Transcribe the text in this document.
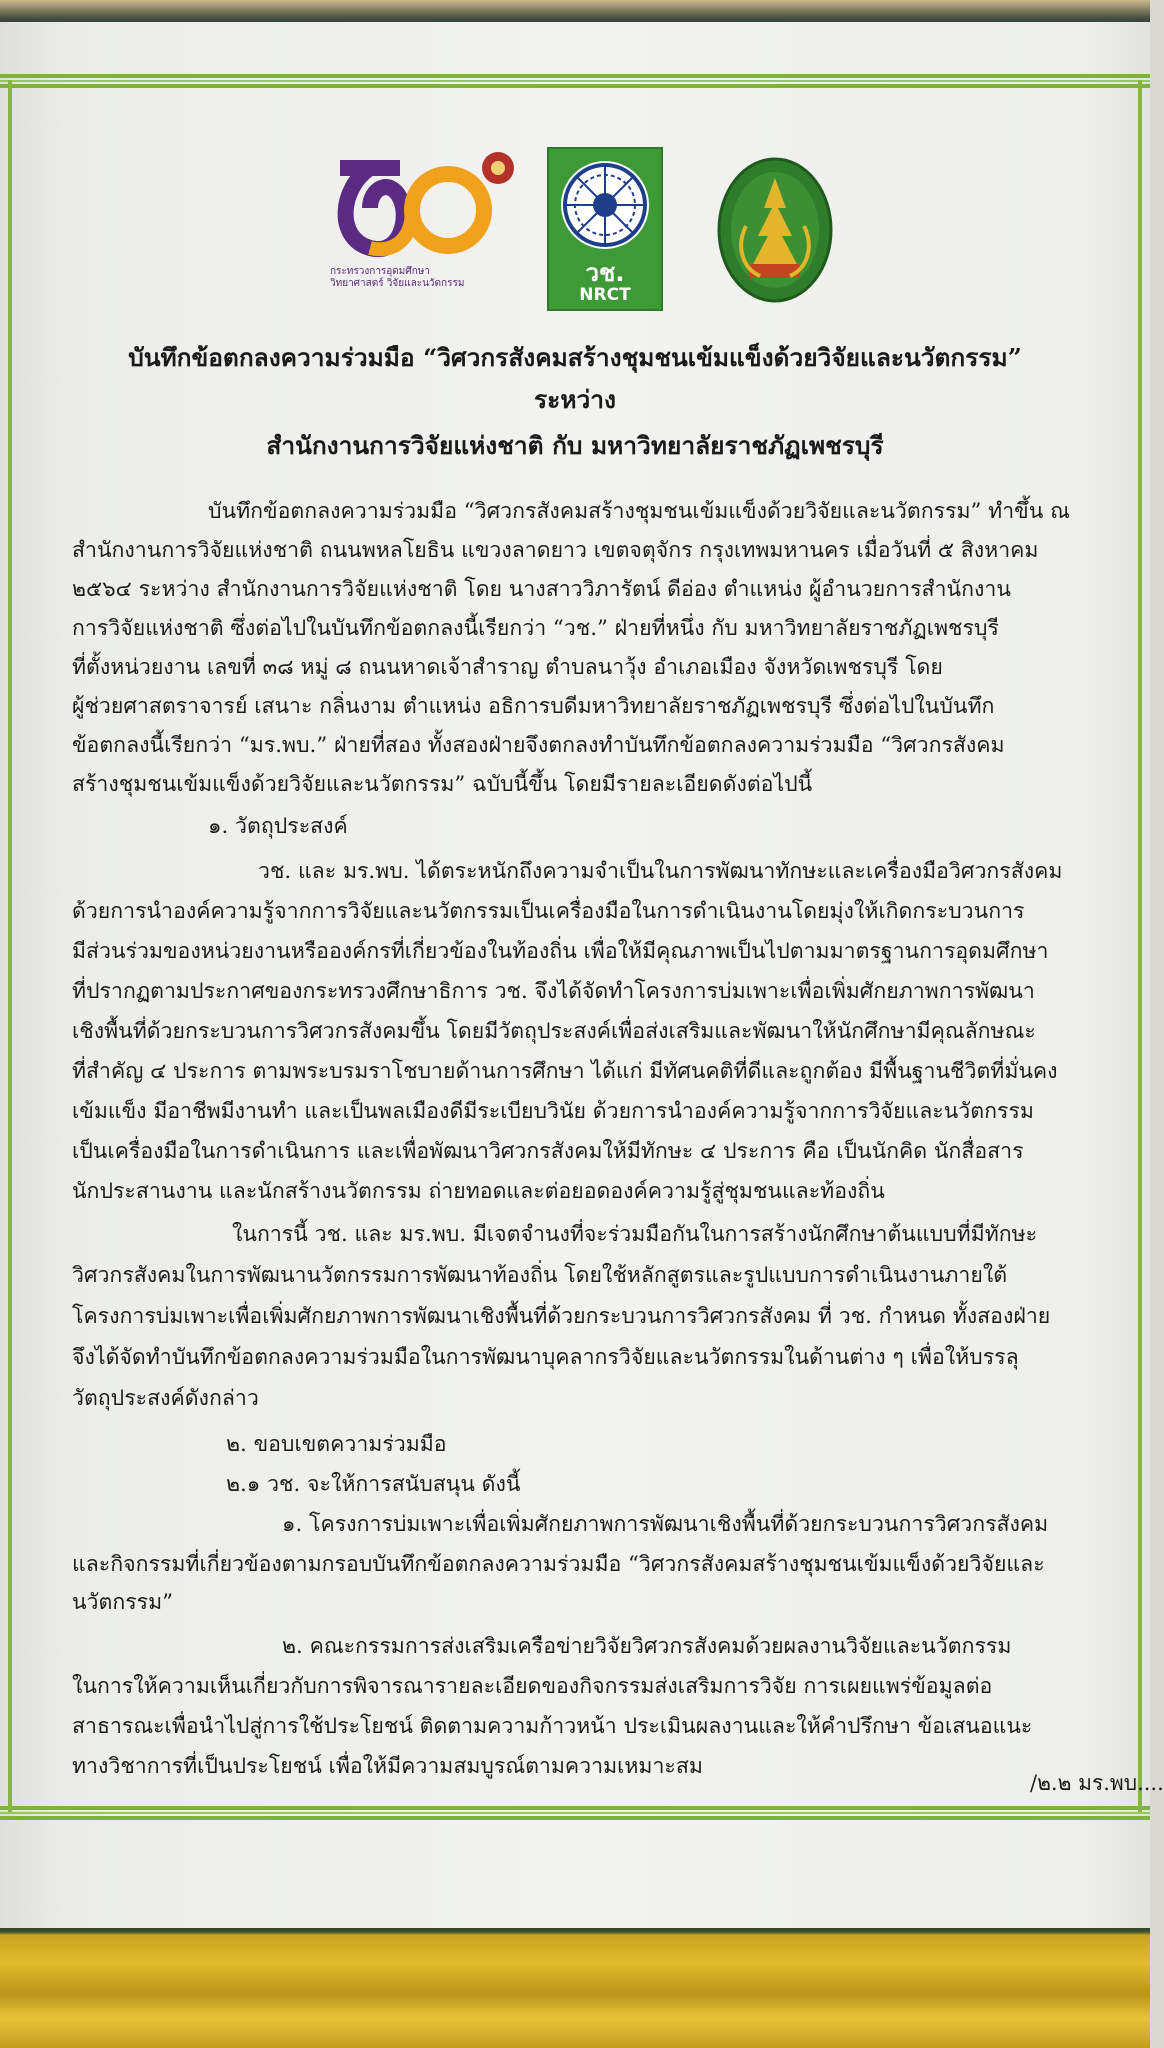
กระทรวงการอุดมศึกษา
วิทยาศาสตร์ วิจัยและนวัตกรรม	วช.
NRCT
บันทึกข้อตกลงความร่วมมือ “วิศวกรสังคมสร้างชุมชนเข้มแข็งด้วยวิจัยและนวัตกรรม”
ระหว่าง
สำนักงานการวิจัยแห่งชาติ กับ มหาวิทยาลัยราชภัฏเพชรบุรี
บันทึกข้อตกลงความร่วมมือ “วิศวกรสังคมสร้างชุมชนเข้มแข็งด้วยวิจัยและนวัตกรรม” ทำขึ้น ณ
สำนักงานการวิจัยแห่งชาติ ถนนพหลโยธิน แขวงลาดยาว เขตจตุจักร กรุงเทพมหานคร เมื่อวันที่ ๕ สิงหาคม
๒๕๖๔ ระหว่าง สำนักงานการวิจัยแห่งชาติ โดย นางสาววิภารัตน์ ดีอ่อง ตำแหน่ง ผู้อำนวยการสำนักงาน
การวิจัยแห่งชาติ ซึ่งต่อไปในบันทึกข้อตกลงนี้เรียกว่า “วช.” ฝ่ายที่หนึ่ง กับ มหาวิทยาลัยราชภัฏเพชรบุรี
ที่ตั้งหน่วยงาน เลขที่ ๓๘ หมู่ ๘ ถนนหาดเจ้าสำราญ ตำบลนาวุ้ง อำเภอเมือง จังหวัดเพชรบุรี โดย
ผู้ช่วยศาสตราจารย์ เสนาะ กลิ่นงาม ตำแหน่ง อธิการบดีมหาวิทยาลัยราชภัฏเพชรบุรี ซึ่งต่อไปในบันทึก
ข้อตกลงนี้เรียกว่า “มร.พบ.” ฝ่ายที่สอง ทั้งสองฝ่ายจึงตกลงทำบันทึกข้อตกลงความร่วมมือ “วิศวกรสังคม
สร้างชุมชนเข้มแข็งด้วยวิจัยและนวัตกรรม” ฉบับนี้ขึ้น โดยมีรายละเอียดดังต่อไปนี้
๑. วัตถุประสงค์
วช. และ มร.พบ. ได้ตระหนักถึงความจำเป็นในการพัฒนาทักษะและเครื่องมือวิศวกรสังคม
ด้วยการนำองค์ความรู้จากการวิจัยและนวัตกรรมเป็นเครื่องมือในการดำเนินงานโดยมุ่งให้เกิดกระบวนการ
มีส่วนร่วมของหน่วยงานหรือองค์กรที่เกี่ยวข้องในท้องถิ่น เพื่อให้มีคุณภาพเป็นไปตามมาตรฐานการอุดมศึกษา
ที่ปรากฏตามประกาศของกระทรวงศึกษาธิการ วช. จึงได้จัดทำโครงการบ่มเพาะเพื่อเพิ่มศักยภาพการพัฒนา
เชิงพื้นที่ด้วยกระบวนการวิศวกรสังคมขึ้น โดยมีวัตถุประสงค์เพื่อส่งเสริมและพัฒนาให้นักศึกษามีคุณลักษณะ
ที่สำคัญ ๔ ประการ ตามพระบรมราโชบายด้านการศึกษา ได้แก่ มีทัศนคติที่ดีและถูกต้อง มีพื้นฐานชีวิตที่มั่นคง
เข้มแข็ง มีอาชีพมีงานทำ และเป็นพลเมืองดีมีระเบียบวินัย ด้วยการนำองค์ความรู้จากการวิจัยและนวัตกรรม
เป็นเครื่องมือในการดำเนินการ และเพื่อพัฒนาวิศวกรสังคมให้มีทักษะ ๔ ประการ คือ เป็นนักคิด นักสื่อสาร
นักประสานงาน และนักสร้างนวัตกรรม ถ่ายทอดและต่อยอดองค์ความรู้สู่ชุมชนและท้องถิ่น
ในการนี้ วช. และ มร.พบ. มีเจตจำนงที่จะร่วมมือกันในการสร้างนักศึกษาต้นแบบที่มีทักษะ
วิศวกรสังคมในการพัฒนานวัตกรรมการพัฒนาท้องถิ่น โดยใช้หลักสูตรและรูปแบบการดำเนินงานภายใต้
โครงการบ่มเพาะเพื่อเพิ่มศักยภาพการพัฒนาเชิงพื้นที่ด้วยกระบวนการวิศวกรสังคม ที่ วช. กำหนด ทั้งสองฝ่าย
จึงได้จัดทำบันทึกข้อตกลงความร่วมมือในการพัฒนาบุคลากรวิจัยและนวัตกรรมในด้านต่าง ๆ เพื่อให้บรรลุ
วัตถุประสงค์ดังกล่าว
๒. ขอบเขตความร่วมมือ
๒.๑ วช. จะให้การสนับสนุน ดังนี้
๑. โครงการบ่มเพาะเพื่อเพิ่มศักยภาพการพัฒนาเชิงพื้นที่ด้วยกระบวนการวิศวกรสังคม
และกิจกรรมที่เกี่ยวข้องตามกรอบบันทึกข้อตกลงความร่วมมือ “วิศวกรสังคมสร้างชุมชนเข้มแข็งด้วยวิจัยและ
นวัตกรรม”
๒. คณะกรรมการส่งเสริมเครือข่ายวิจัยวิศวกรสังคมด้วยผลงานวิจัยและนวัตกรรม
ในการให้ความเห็นเกี่ยวกับการพิจารณารายละเอียดของกิจกรรมส่งเสริมการวิจัย การเผยแพร่ข้อมูลต่อ
สาธารณะเพื่อนำไปสู่การใช้ประโยชน์ ติดตามความก้าวหน้า ประเมินผลงานและให้คำปรึกษา ข้อเสนอแนะ
ทางวิชาการที่เป็นประโยชน์ เพื่อให้มีความสมบูรณ์ตามความเหมาะสม
/๒.๒ มร.พบ....
